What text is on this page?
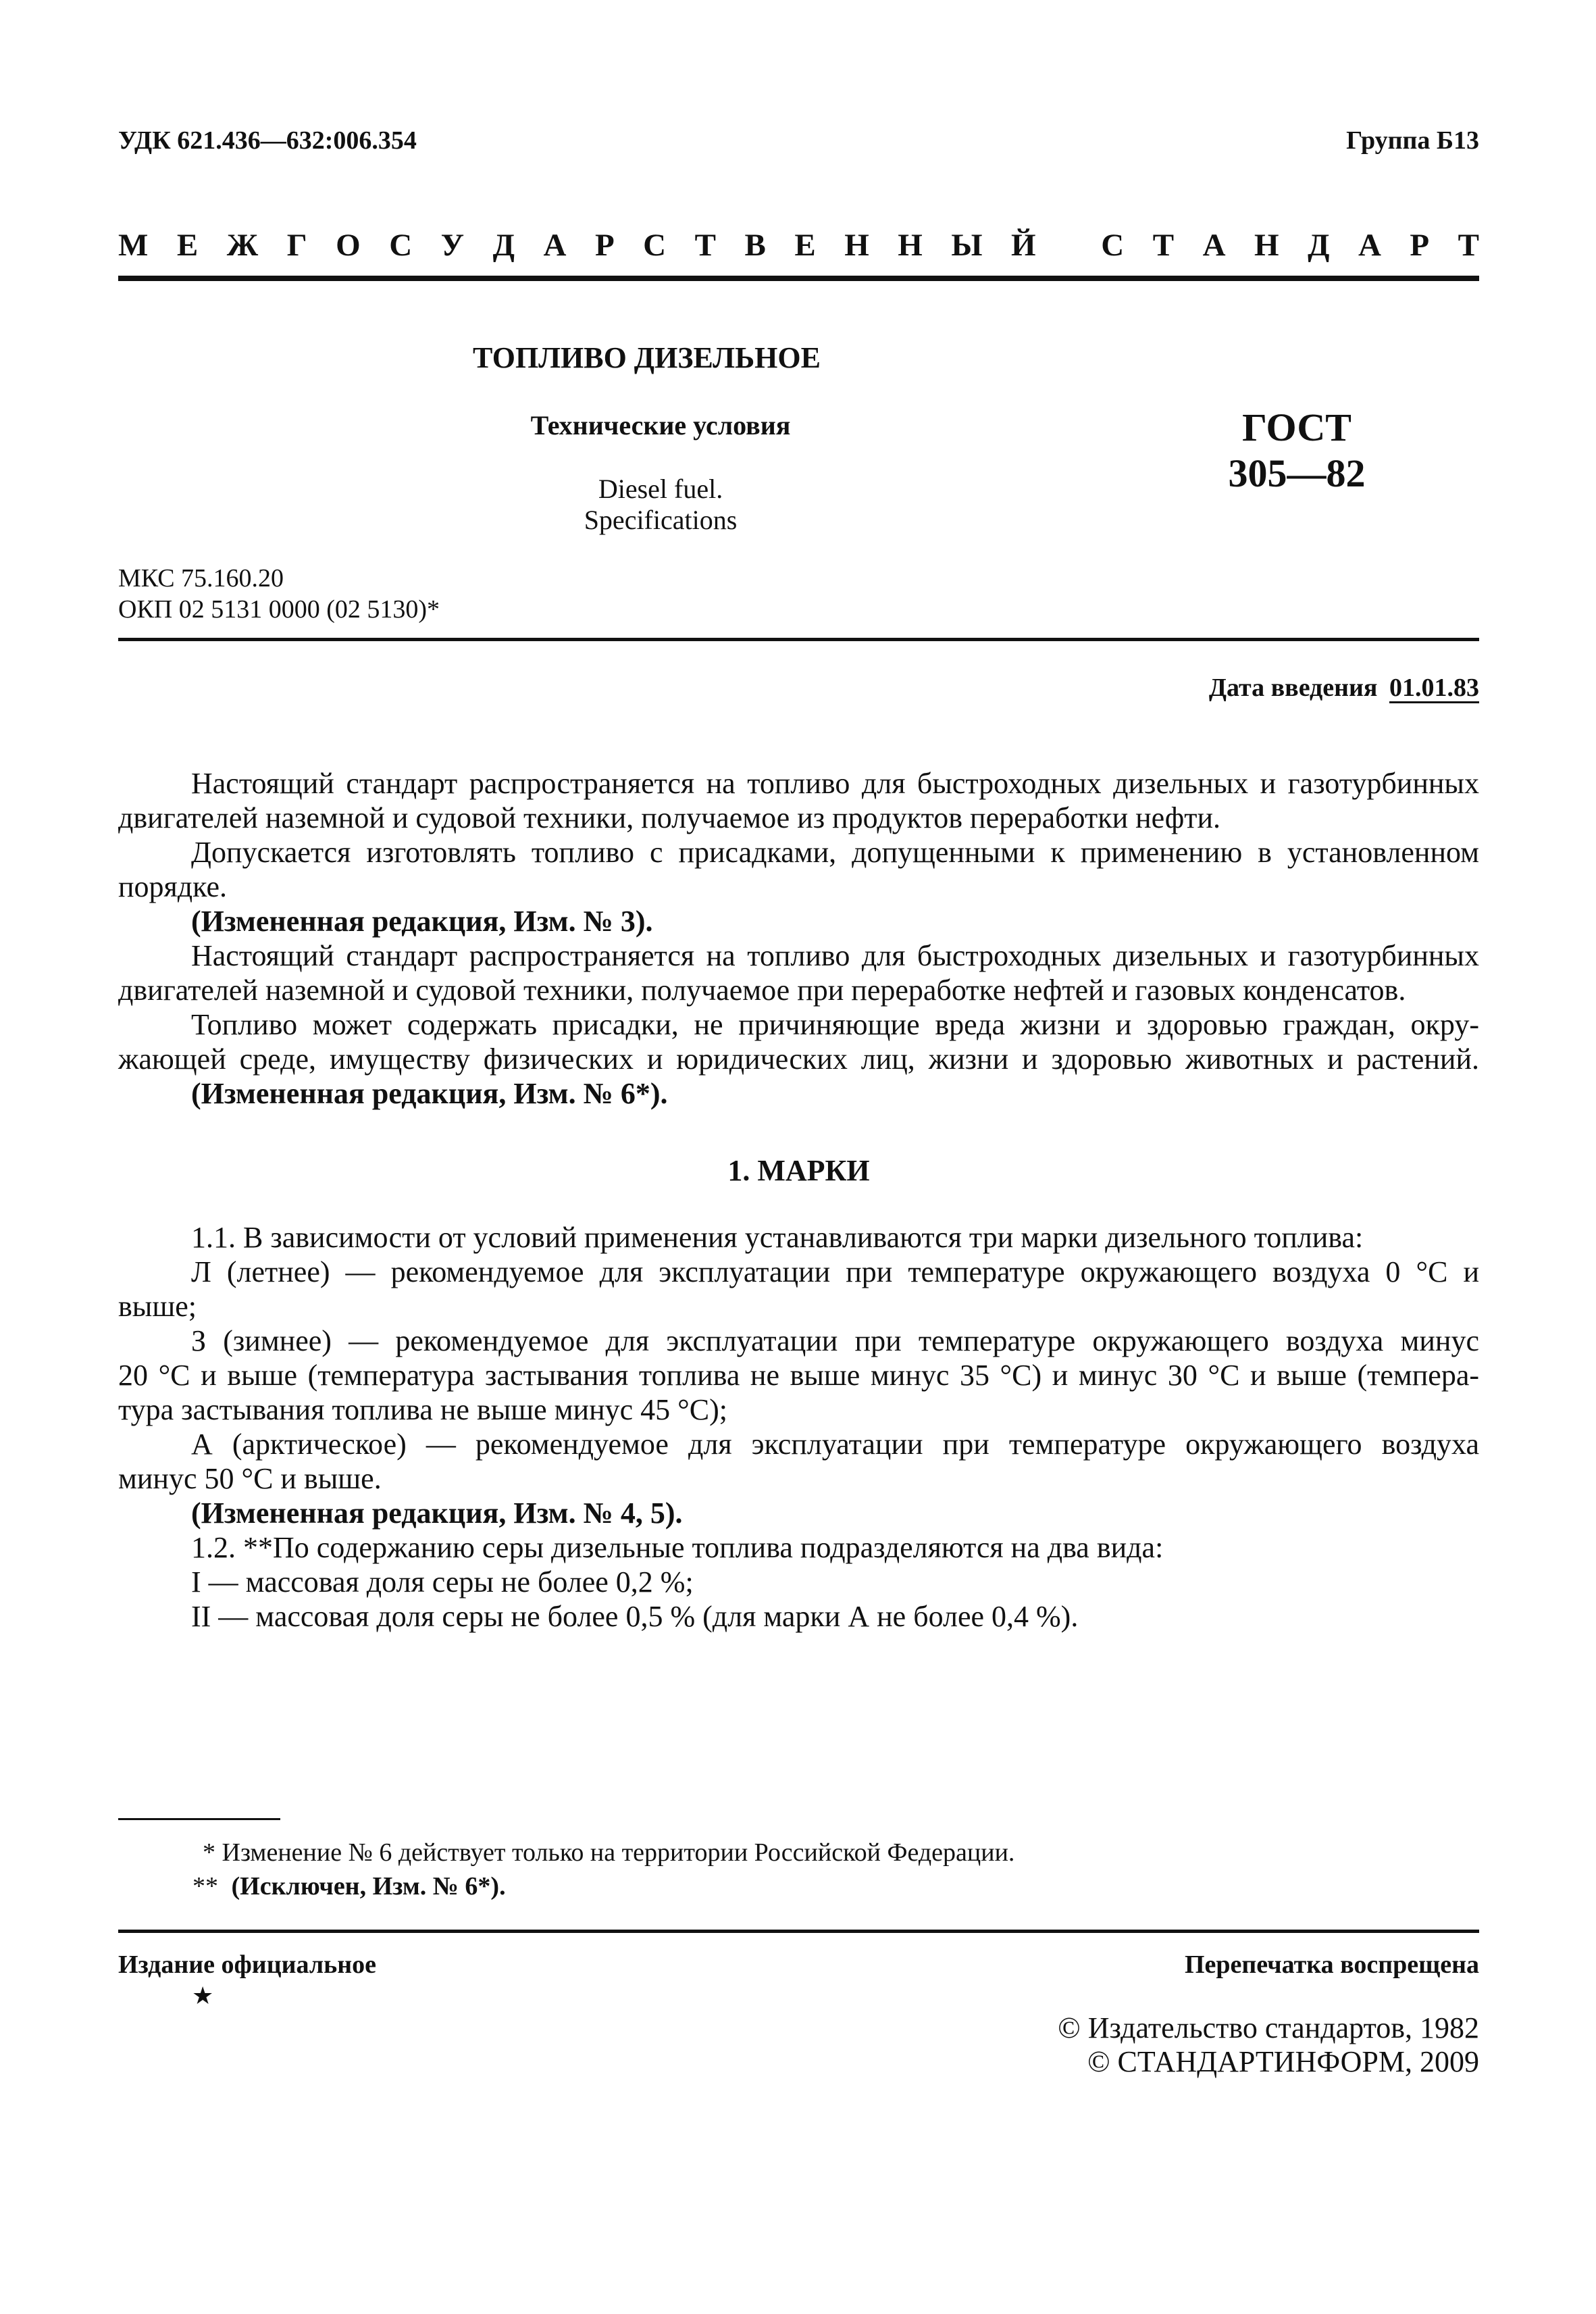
УДК 621.436—632:006.354	Группа Б13
М Е Ж Г О С У Д А Р С Т В Е Н Н Ы Й
С Т А Н Д А Р Т
ТОПЛИВО ДИЗЕЛЬНОЕ
Технические условия
Diesel fuel.
Specifications
ГОСТ
305—82
МКС 75.160.20
ОКП 02 5131 0000 (02 5130)*
Дата введения 01.01.83
Настоящий стандарт распространяется на топливо для быстроходных дизельных и газотурбинных
двигателей наземной и судовой техники, получаемое из продуктов переработки нефти.
Допускается изготовлять топливо с присадками, допущенными к применению в установленном
порядке.
(Измененная редакция, Изм. № 3).
Настоящий стандарт распространяется на топливо для быстроходных дизельных и газотурбинных
двигателей наземной и судовой техники, получаемое при переработке нефтей и газовых конденсатов.
Топливо может содержать присадки, не причиняющие вреда жизни и здоровью граждан, окру-
жающей среде, имуществу физических и юридических лиц, жизни и здоровью животных и растений.
(Измененная редакция, Изм. № 6*).
1. МАРКИ
1.1. В зависимости от условий применения устанавливаются три марки дизельного топлива:
Л (летнее) — рекомендуемое для эксплуатации при температуре окружающего воздуха 0 °С и
выше;
З (зимнее) — рекомендуемое для эксплуатации при температуре окружающего воздуха минус
20 °С и выше (температура застывания топлива не выше минус 35 °С) и минус 30 °С и выше (темпера-
тура застывания топлива не выше минус 45 °С);
А (арктическое) — рекомендуемое для эксплуатации при температуре окружающего воздуха
минус 50 °С и выше.
(Измененная редакция, Изм. № 4, 5).
1.2. **По содержанию серы дизельные топлива подразделяются на два вида:
I — массовая доля серы не более 0,2 %;
II — массовая доля серы не более 0,5 % (для марки А не более 0,4 %).
* Изменение № 6 действует только на территории Российской Федерации.
** (Исключен, Изм. № 6*).
Издание официальное
★
Перепечатка воспрещена
© Издательство стандартов, 1982
© СТАНДАРТИНФОРМ, 2009
